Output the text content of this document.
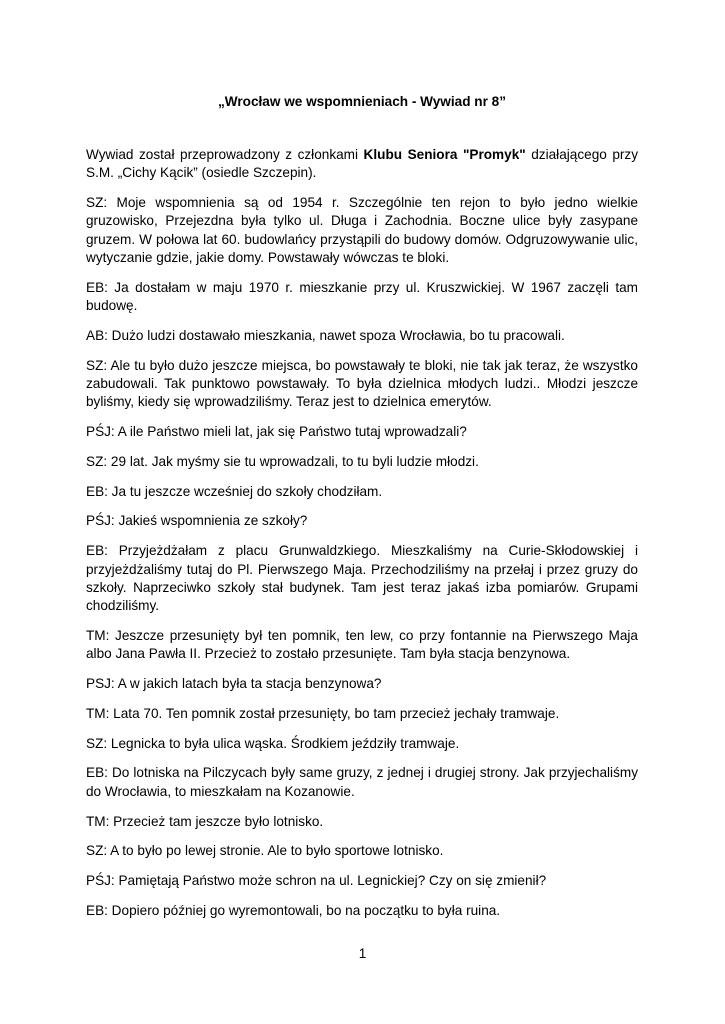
„Wrocław we wspomnieniach - Wywiad nr 8”

Wywiad został przeprowadzony z członkami Klubu Seniora "Promyk" działającego przy S.M. „Cichy Kącik” (osiedle Szczepin).

SZ: Moje wspomnienia są od 1954 r. Szczególnie ten rejon to było jedno wielkie gruzowisko, Przejezdna była tylko ul. Długa i Zachodnia. Boczne ulice były zasypane gruzem. W połowa lat 60. budowlańcy przystąpili do budowy domów. Odgruzowywanie ulic, wytyczanie gdzie, jakie domy. Powstawały wówczas te bloki.

EB: Ja dostałam w maju 1970 r. mieszkanie przy ul. Kruszwickiej. W 1967 zaczęli tam budowę.

AB: Dużo ludzi dostawało mieszkania, nawet spoza Wrocławia, bo tu pracowali.

SZ: Ale tu było dużo jeszcze miejsca, bo powstawały te bloki, nie tak jak teraz, że wszystko zabudowali. Tak punktowo powstawały. To była dzielnica młodych ludzi.. Młodzi jeszcze byliśmy, kiedy się wprowadziliśmy. Teraz jest to dzielnica emerytów.

PŚJ: A ile Państwo mieli lat, jak się Państwo tutaj wprowadzali?

SZ: 29 lat. Jak myśmy sie tu wprowadzali, to tu byli ludzie młodzi.

EB: Ja tu jeszcze wcześniej do szkoły chodziłam.

PŚJ: Jakieś wspomnienia ze szkoły?

EB: Przyjeżdżałam z placu Grunwaldzkiego. Mieszkaliśmy na Curie-Skłodowskiej i przyjeżdżaliśmy tutaj do Pl. Pierwszego Maja. Przechodziliśmy na przełaj i przez gruzy do szkoły. Naprzeciwko szkoły stał budynek. Tam jest teraz jakaś izba pomiarów. Grupami chodziliśmy.

TM: Jeszcze przesunięty był ten pomnik, ten lew, co przy fontannie na Pierwszego Maja albo Jana Pawła II. Przecież to zostało przesunięte. Tam była stacja benzynowa.

PSJ: A w jakich latach była ta stacja benzynowa?

TM: Lata 70. Ten pomnik został przesunięty, bo tam przecież jechały tramwaje.

SZ: Legnicka to była ulica wąska. Środkiem jeździły tramwaje.

EB: Do lotniska na Pilczycach były same gruzy, z jednej i drugiej strony. Jak przyjechaliśmy do Wrocławia, to mieszkałam na Kozanowie.

TM: Przecież tam jeszcze było lotnisko.

SZ: A to było po lewej stronie. Ale to było sportowe lotnisko.

PŚJ: Pamiętają Państwo może schron na ul. Legnickiej? Czy on się zmienił?

EB: Dopiero później go wyremontowali, bo na początku to była ruina.

1
